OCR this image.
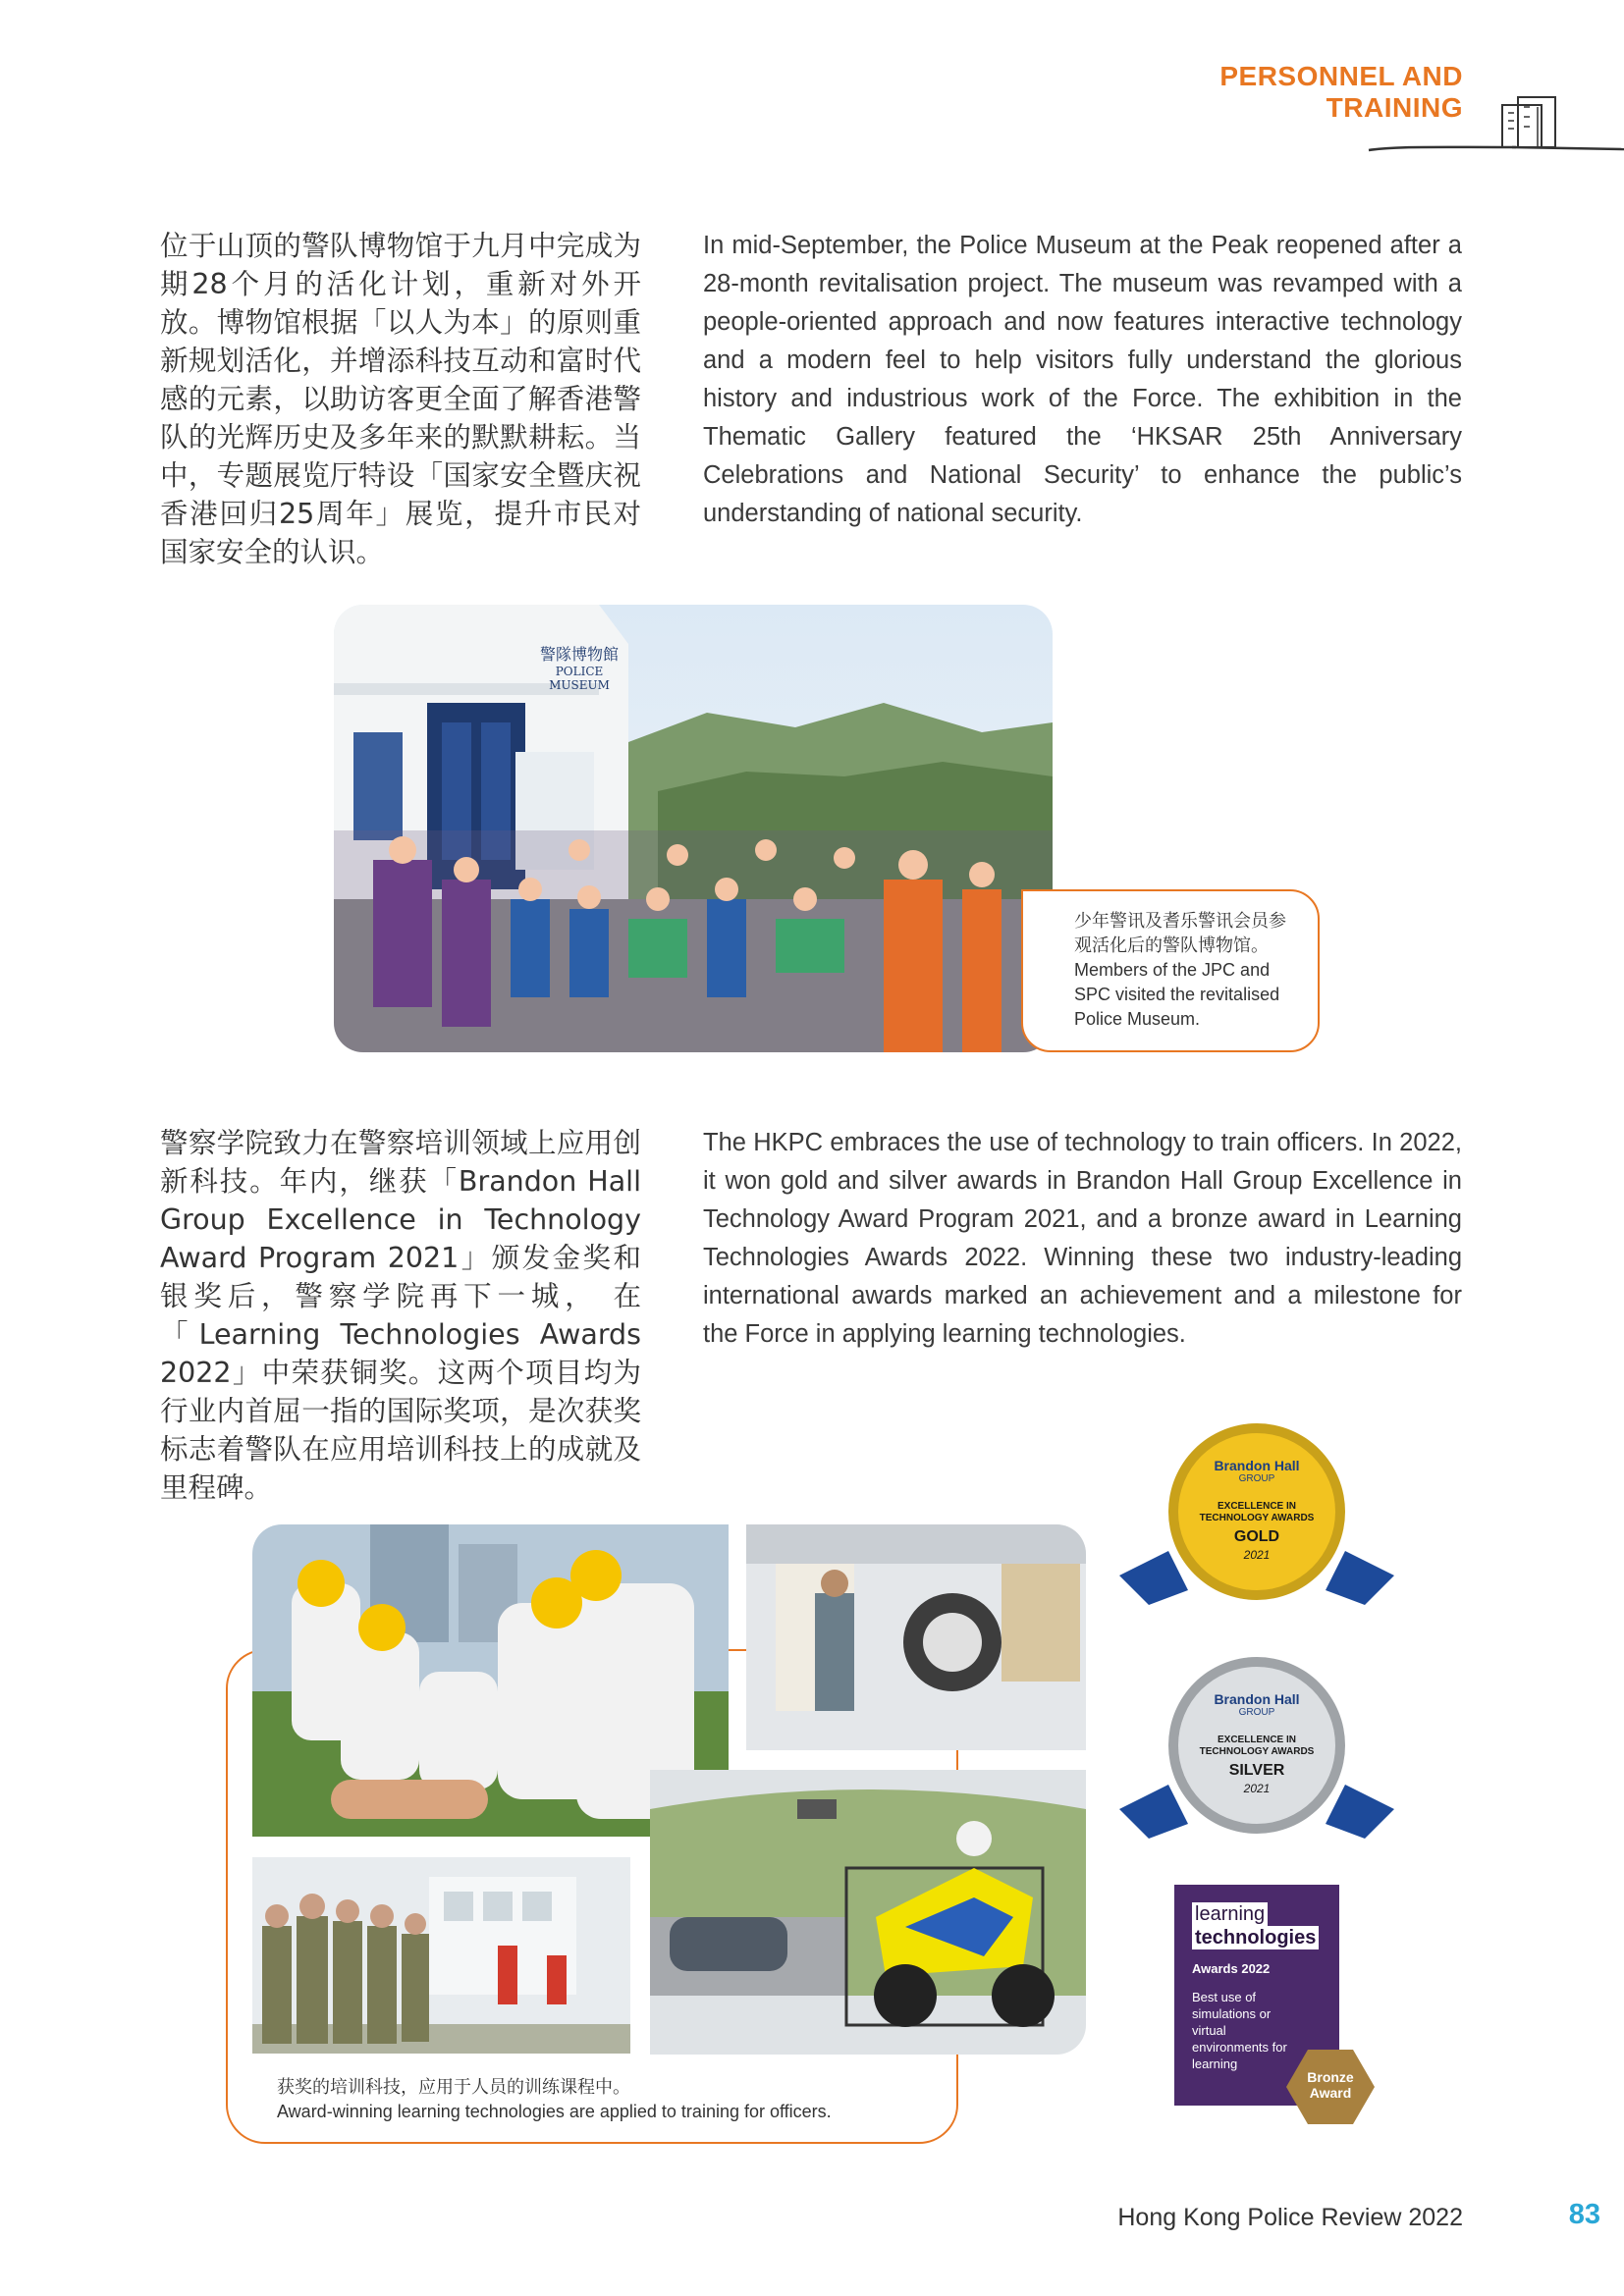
PERSONNEL AND TRAINING
位于山顶的警队博物馆于九月中完成为期28个月的活化计划，重新对外开放。博物馆根据「以人为本」的原则重新规划活化，并增添科技互动和富时代感的元素，以助访客更全面了解香港警队的光辉历史及多年来的默默耕耘。当中，专题展览厅特设「国家安全暨庆祝香港回归25周年」展览，提升市民对国家安全的认识。
In mid-September, the Police Museum at the Peak reopened after a 28-month revitalisation project. The museum was revamped with a people-oriented approach and now features interactive technology and a modern feel to help visitors fully understand the glorious history and industrious work of the Force. The exhibition in the Thematic Gallery featured the ‘HKSAR 25th Anniversary Celebrations and National Security’ to enhance the public’s understanding of national security.
警隊博物館
POLICE MUSEUM
少年警讯及耆乐警讯会员参观活化后的警队博物馆。
Members of the JPC and SPC visited the revitalised Police Museum.
警察学院致力在警察培训领域上应用创新科技。年内，继获「Brandon Hall Group Excellence in Technology Award Program 2021」颁发金奖和银奖后，警察学院再下一城， 在「Learning Technologies Awards 2022」中荣获铜奖。这两个项目均为行业内首屈一指的国际奖项，是次获奖标志着警队在应用培训科技上的成就及里程碑。
The HKPC embraces the use of technology to train officers. In 2022, it won gold and silver awards in Brandon Hall Group Excellence in Technology Award Program 2021, and a bronze award in Learning Technologies Awards 2022. Winning these two industry-leading international awards marked an achievement and a milestone for the Force in applying learning technologies.
获奖的培训科技，应用于人员的训练课程中。
Award-winning learning technologies are applied to training for officers.
Brandon Hall
GROUP
EXCELLENCE IN
TECHNOLOGY AWARDS
GOLD
2021
Brandon Hall
GROUP
EXCELLENCE IN
TECHNOLOGY AWARDS
SILVER
2021
learning
technologies
Awards 2022
Best use of simulations or virtual environments for learning
Bronze
Award
Hong Kong Police Review 2022	83
